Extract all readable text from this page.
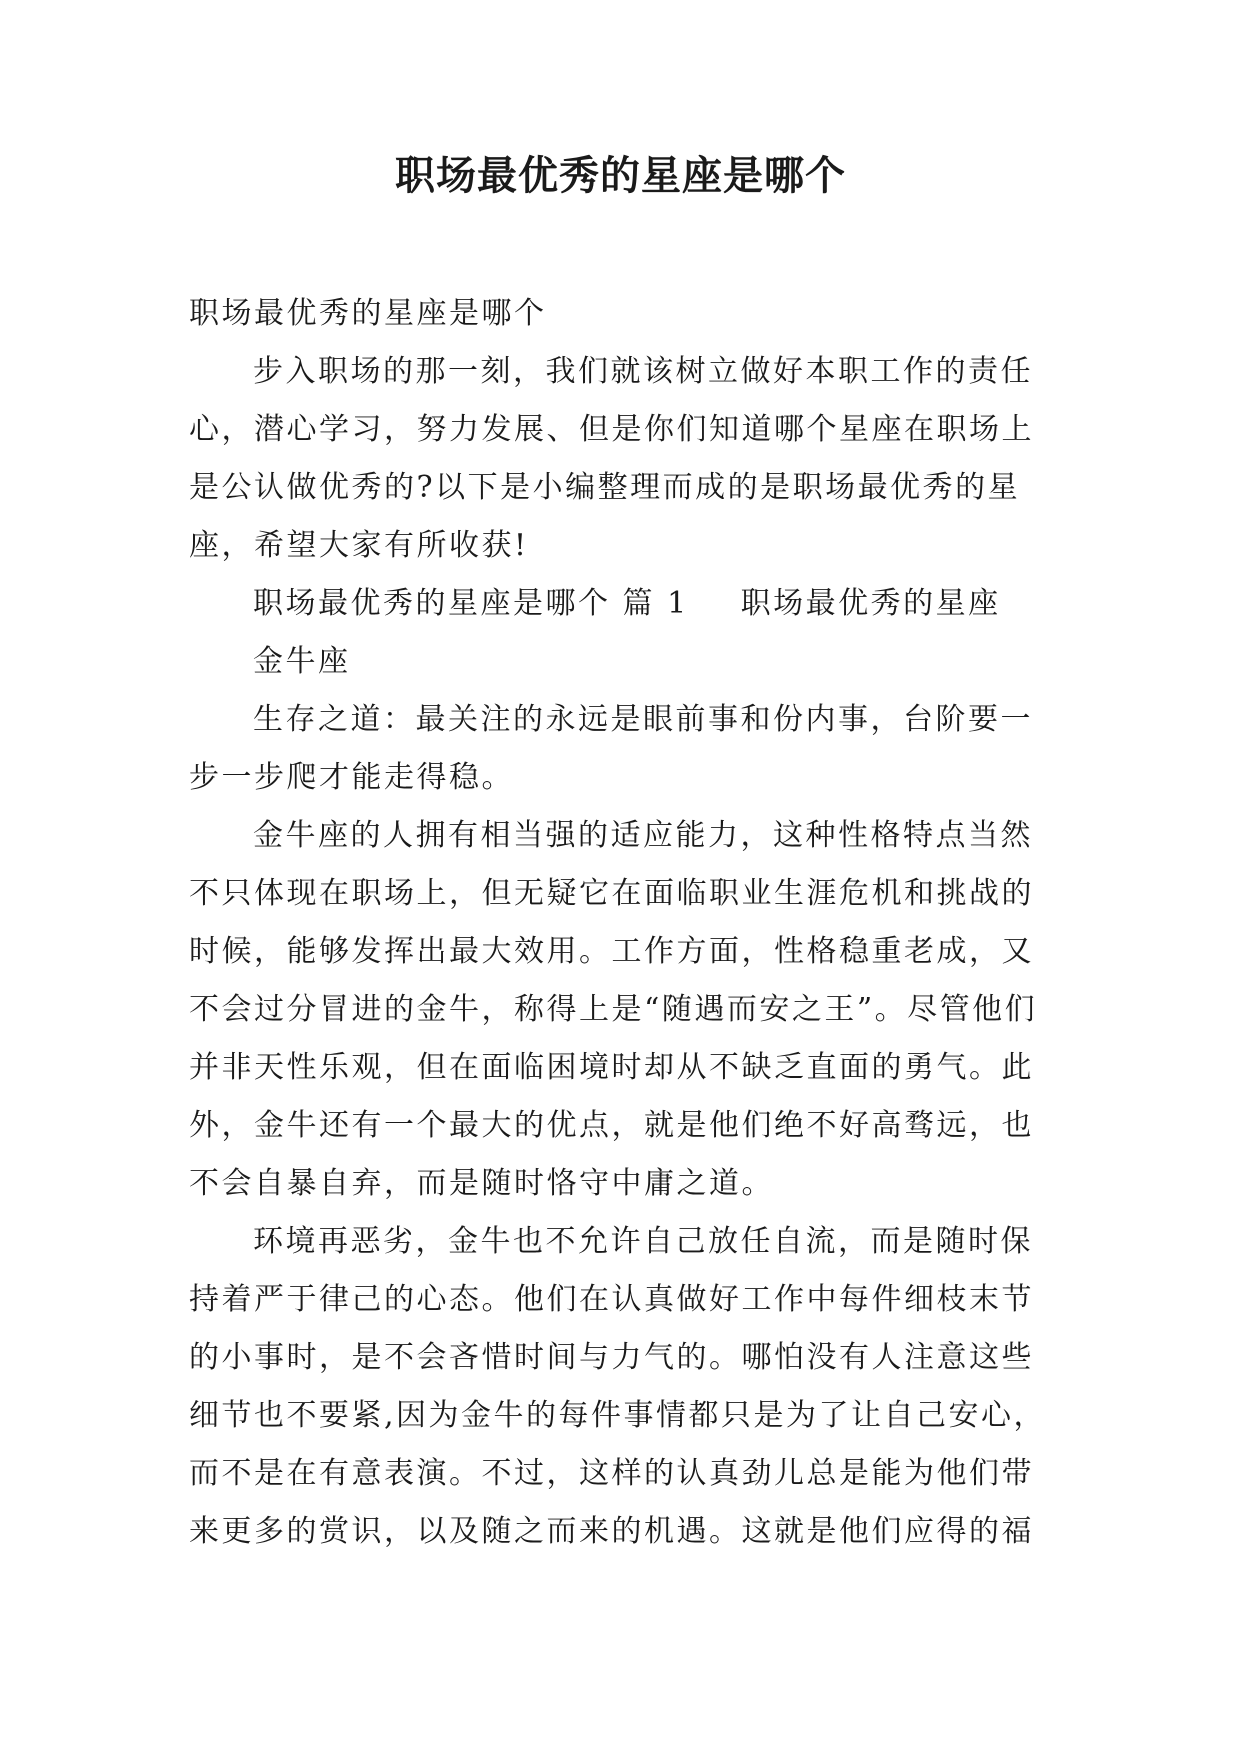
职场最优秀的星座是哪个

职场最优秀的星座是哪个

步入职场的那一刻，我们就该树立做好本职工作的责任心，潜心学习，努力发展、但是你们知道哪个星座在职场上是公认做优秀的?以下是小编整理而成的是职场最优秀的星座，希望大家有所收获!

职场最优秀的星座是哪个 篇 1 职场最优秀的星座

金牛座

生存之道：最关注的永远是眼前事和份内事，台阶要一步一步爬才能走得稳。

金牛座的人拥有相当强的适应能力，这种性格特点当然不只体现在职场上，但无疑它在面临职业生涯危机和挑战的时候，能够发挥出最大效用。工作方面，性格稳重老成，又不会过分冒进的金牛，称得上是“随遇而安之王”。尽管他们并非天性乐观，但在面临困境时却从不缺乏直面的勇气。此外，金牛还有一个最大的优点，就是他们绝不好高骛远，也不会自暴自弃，而是随时恪守中庸之道。

环境再恶劣，金牛也不允许自己放任自流，而是随时保持着严于律己的心态。他们在认真做好工作中每件细枝末节的小事时，是不会吝惜时间与力气的。哪怕没有人注意这些细节也不要紧,因为金牛的每件事情都只是为了让自己安心，而不是在有意表演。不过，这样的认真劲儿总是能为他们带来更多的赏识，以及随之而来的机遇。这就是他们应得的福
